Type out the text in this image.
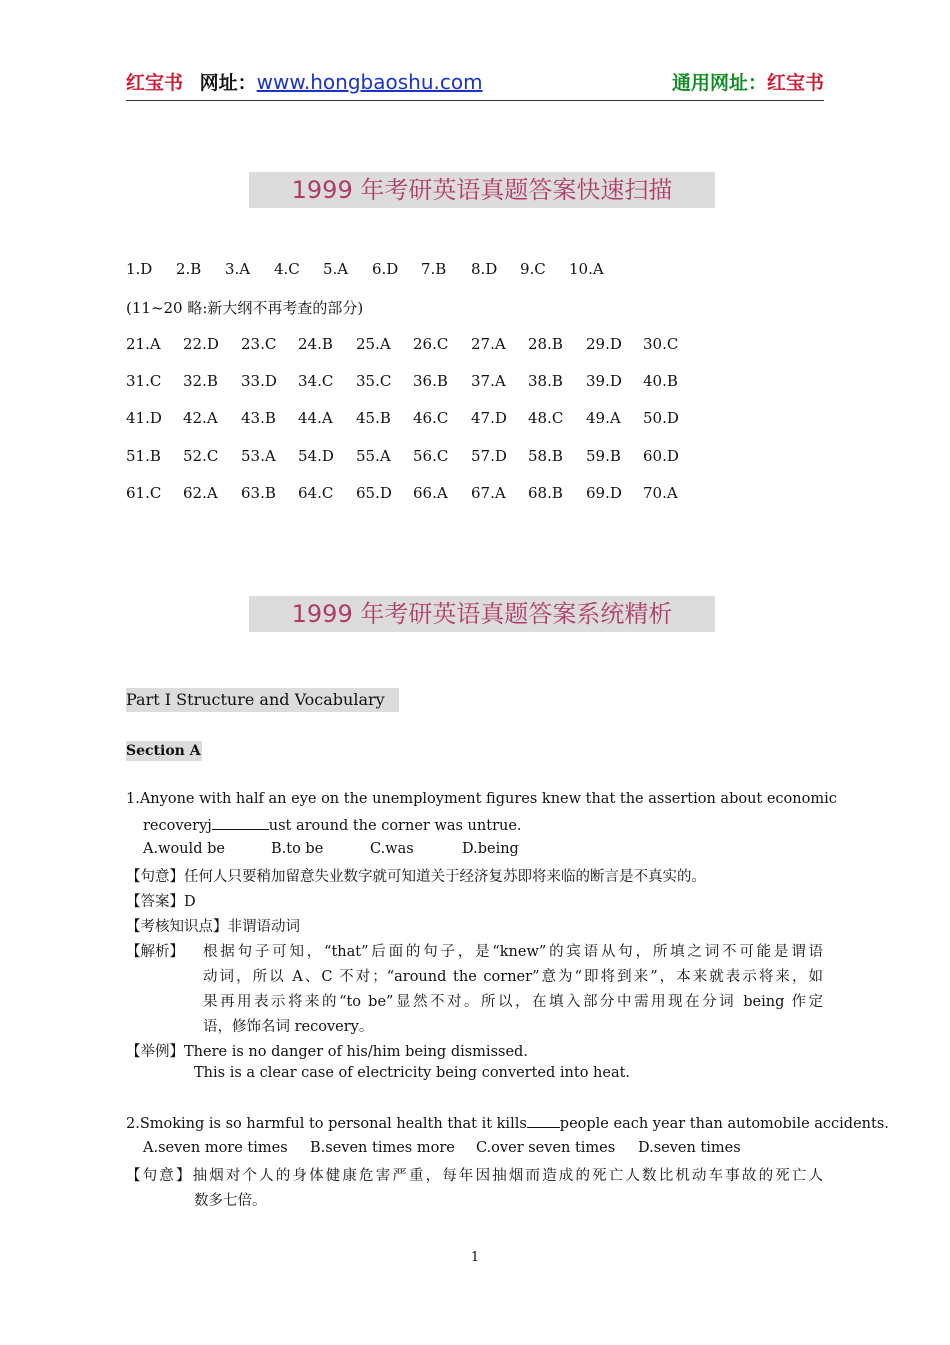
红宝书 网址：www.hongbaoshu.com	通用网址：红宝书
1999 年考研英语真题答案快速扫描
1.D 2.B 3.A 4.C 5.A 6.D 7.B 8.D 9.C 10.A
(11~20 略:新大纲不再考查的部分)
21.A 22.D 23.C 24.B 25.A 26.C 27.A 28.B 29.D 30.C
31.C 32.B 33.D 34.C 35.C 36.B 37.A 38.B 39.D 40.B
41.D 42.A 43.B 44.A 45.B 46.C 47.D 48.C 49.A 50.D
51.B 52.C 53.A 54.D 55.A 56.C 57.D 58.B 59.B 60.D
61.C 62.A 63.B 64.C 65.D 66.A 67.A 68.B 69.D 70.A
1999 年考研英语真题答案系统精析
Part Ⅰ Structure and Vocabulary
Section A
1.Anyone with half an eye on the unemployment figures knew that the assertion about economic
recoveryj	ust around the corner was untrue.
A.would be	B.to be	C.was	D.being
【句意】任何人只要稍加留意失业数字就可知道关于经济复苏即将来临的断言是不真实的。
【答案】D
【考核知识点】非谓语动词
【解析】 根据句子可知，“that”后面的句子，是“knew”的宾语从句，所填之词不可能是谓语
动词，所以 A、C 不对；“around the corner”意为“即将到来”，本来就表示将来，如
果再用表示将来的“to be”显然不对。所以，在填入部分中需用现在分词 being 作定
语，修饰名词 recovery。
【举例】There is no danger of his/him being dismissed.
This is a clear case of electricity being converted into heat.
2.Smoking is so harmful to personal health that it kills people each year than automobile accidents.
A.seven more times B.seven times more C.over seven times D.seven times
【句意】抽烟对个人的身体健康危害严重，每年因抽烟而造成的死亡人数比机动车事故的死亡人
数多七倍。
1
